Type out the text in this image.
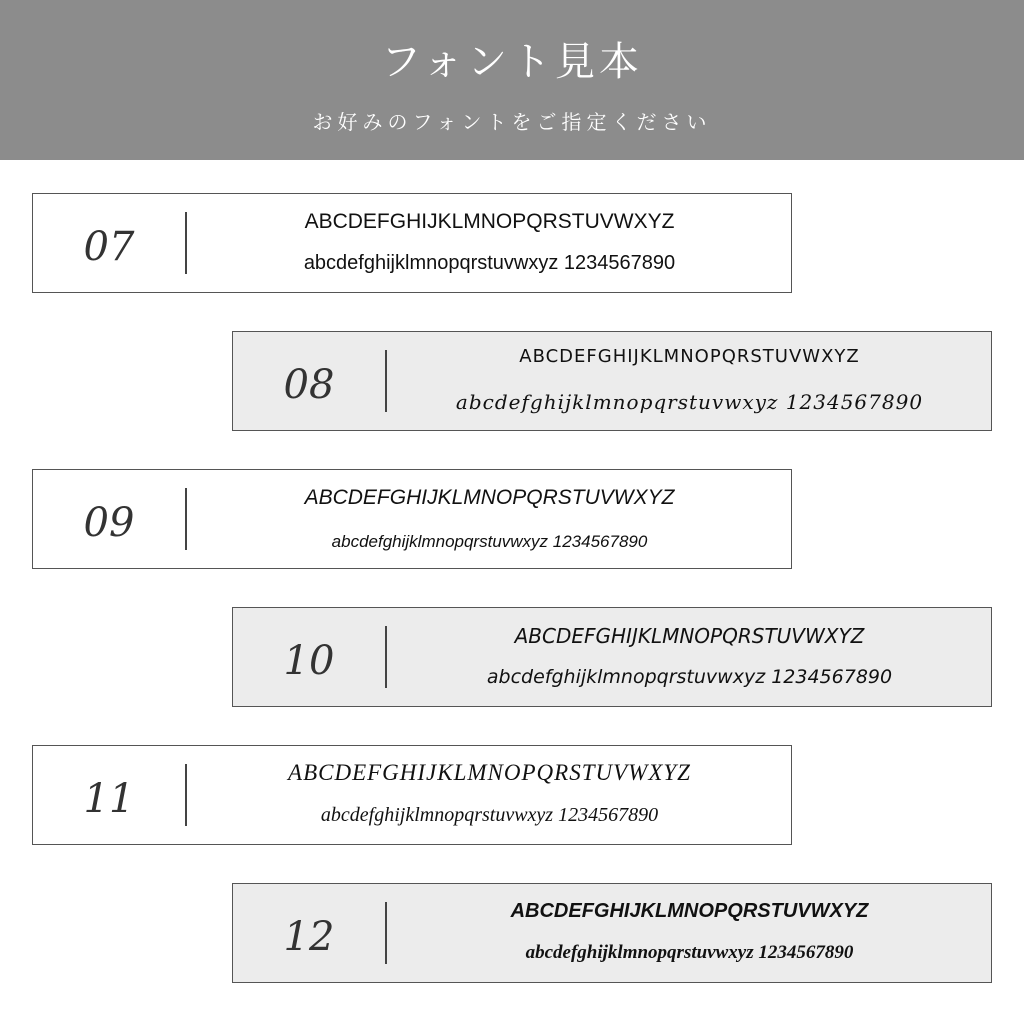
フォント見本
お好みのフォントをご指定ください
07
ABCDEFGHIJKLMNOPQRSTUVWXYZ
abcdefghijklmnopqrstuvwxyz 1234567890
08
ABCDEFGHIJKLMNOPQRSTUVWXYZ
abcdefghijklmnopqrstuvwxyz 1234567890
09
ABCDEFGHIJKLMNOPQRSTUVWXYZ
abcdefghijklmnopqrstuvwxyz 1234567890
10
ABCDEFGHIJKLMNOPQRSTUVWXYZ
abcdefghijklmnopqrstuvwxyz 1234567890
11
ABCDEFGHIJKLMNOPQRSTUVWXYZ
abcdefghijklmnopqrstuvwxyz 1234567890
12
ABCDEFGHIJKLMNOPQRSTUVWXYZ
abcdefghijklmnopqrstuvwxyz 1234567890
